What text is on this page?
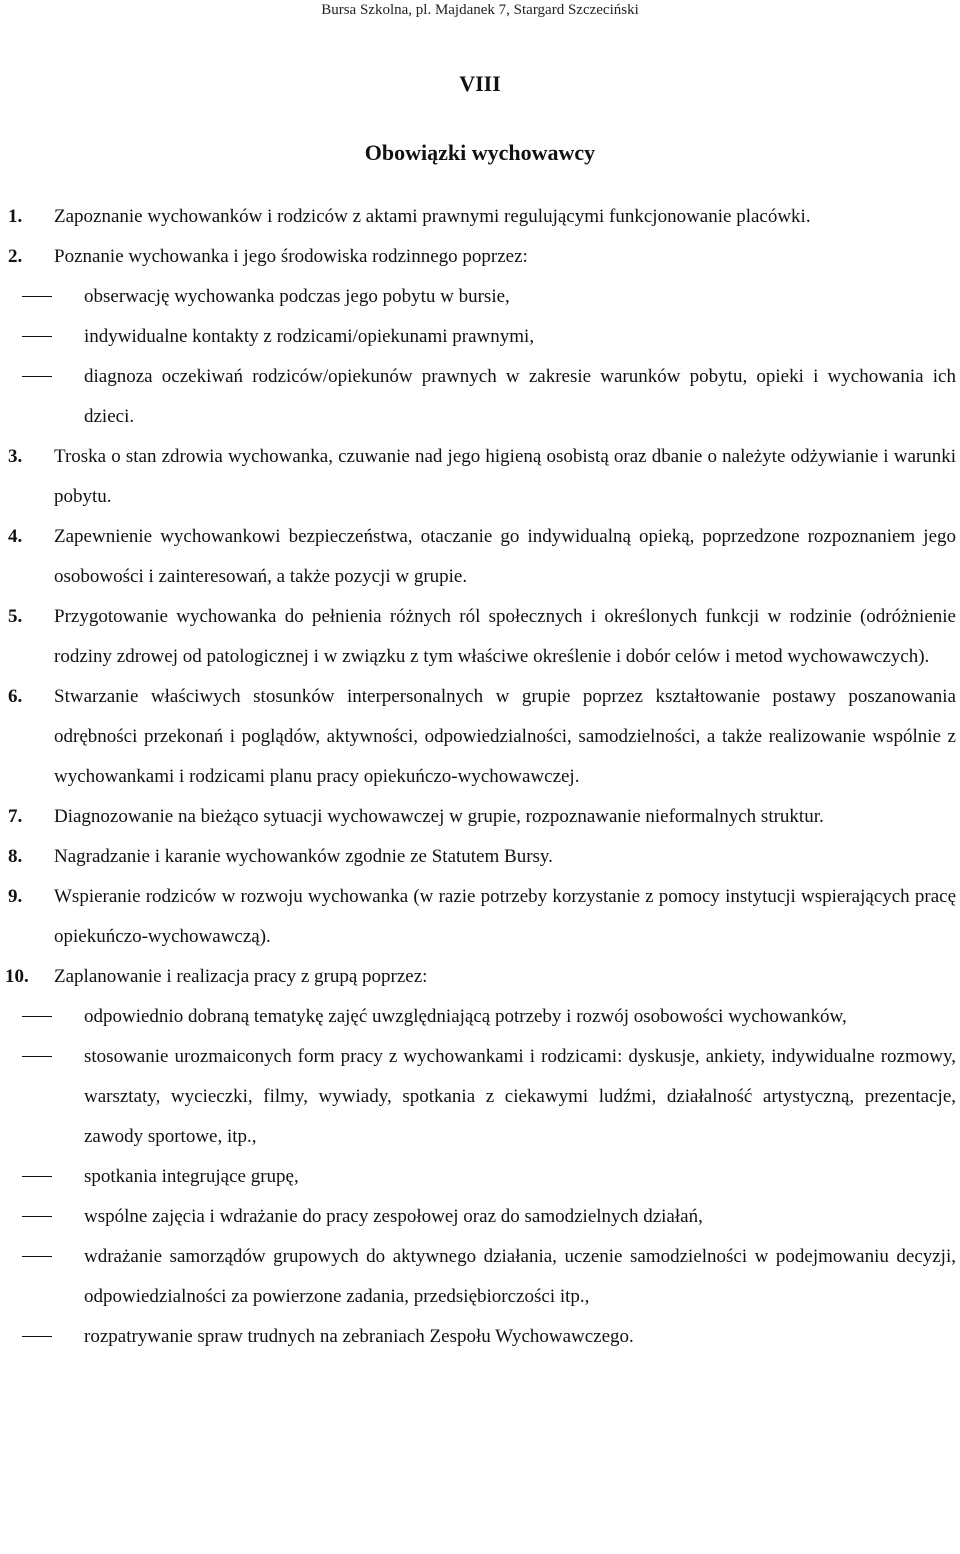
Bursa Szkolna, pl. Majdanek 7, Stargard Szczeciński
VIII
Obowiązki wychowawcy
1. Zapoznanie wychowanków i rodziców z aktami prawnymi regulującymi funkcjonowanie placówki.
2. Poznanie wychowanka i jego środowiska rodzinnego poprzez:
obserwację wychowanka podczas jego pobytu w bursie,
indywidualne kontakty z rodzicami/opiekunami prawnymi,
diagnoza oczekiwań rodziców/opiekunów prawnych w zakresie warunków pobytu, opieki i wychowania ich dzieci.
3. Troska o stan zdrowia wychowanka, czuwanie nad jego higieną osobistą oraz dbanie o należyte odżywianie i warunki pobytu.
4. Zapewnienie wychowankowi bezpieczeństwa, otaczanie go indywidualną opieką, poprzedzone rozpoznaniem jego osobowości i zainteresowań, a także pozycji w grupie.
5. Przygotowanie wychowanka do pełnienia różnych ról społecznych i określonych funkcji w rodzinie (odróżnienie rodziny zdrowej od patologicznej i w związku z tym właściwe określenie i dobór celów i metod wychowawczych).
6. Stwarzanie właściwych stosunków interpersonalnych w grupie poprzez kształtowanie postawy poszanowania odrębności przekonań i poglądów, aktywności, odpowiedzialności, samodzielności, a także realizowanie wspólnie z wychowankami i rodzicami planu pracy opiekuńczo-wychowawczej.
7. Diagnozowanie na bieżąco sytuacji wychowawczej w grupie, rozpoznawanie nieformalnych struktur.
8. Nagradzanie i karanie wychowanków zgodnie ze Statutem Bursy.
9. Wspieranie rodziców w rozwoju wychowanka (w razie potrzeby korzystanie z pomocy instytucji wspierających pracę opiekuńczo-wychowawczą).
10. Zaplanowanie i realizacja pracy z grupą poprzez:
odpowiednio dobraną tematykę zajęć uwzględniającą potrzeby i rozwój osobowości wychowanków,
stosowanie urozmaiconych form pracy z wychowankami i rodzicami: dyskusje, ankiety, indywidualne rozmowy, warsztaty, wycieczki, filmy, wywiady, spotkania z ciekawymi ludźmi, działalność artystyczną, prezentacje, zawody sportowe, itp.,
spotkania integrujące grupę,
wspólne zajęcia i wdrażanie do pracy zespołowej oraz do samodzielnych działań,
wdrażanie samorządów grupowych do aktywnego działania, uczenie samodzielności w podejmowaniu decyzji, odpowiedzialności za powierzone zadania, przedsiębiorczości itp.,
rozpatrywanie spraw trudnych na zebraniach Zespołu Wychowawczego.
